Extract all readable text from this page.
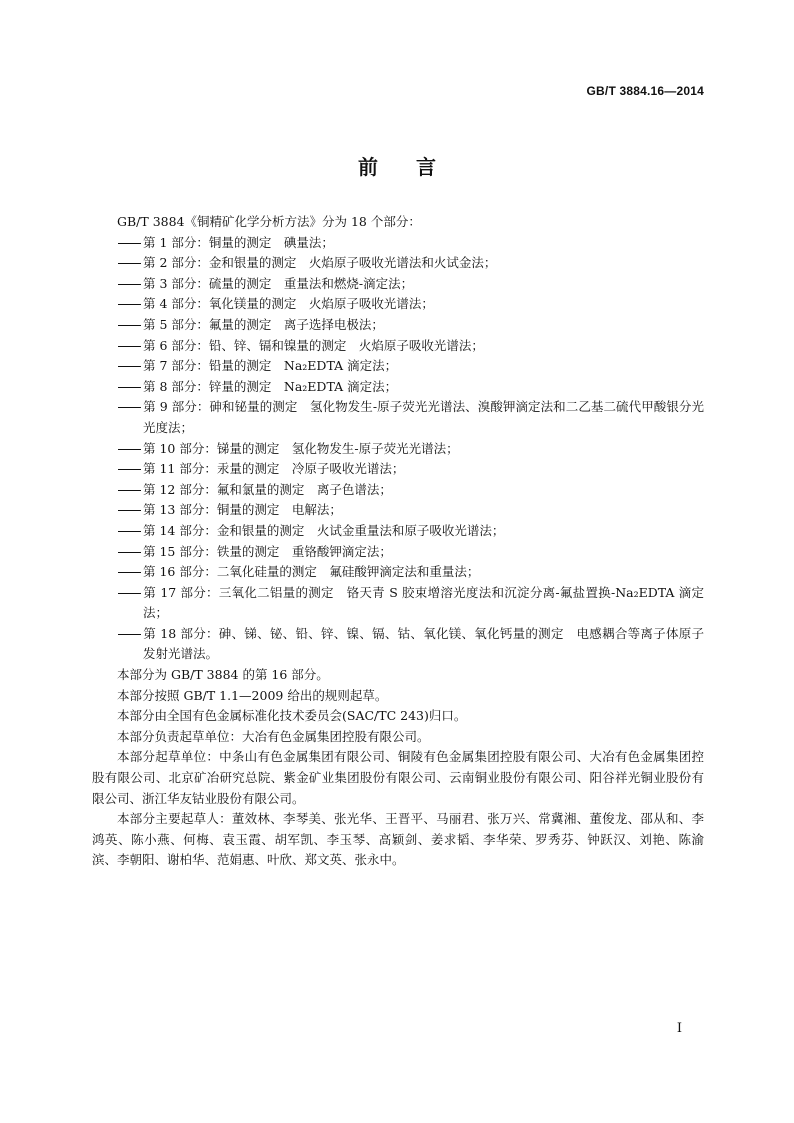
GB/T 3884.16—2014
前言

GB/T 3884《铜精矿化学分析方法》分为 18 个部分：

第 1 部分：铜量的测定　碘量法；
第 2 部分：金和银量的测定　火焰原子吸收光谱法和火试金法；
第 3 部分：硫量的测定　重量法和燃烧-滴定法；
第 4 部分：氧化镁量的测定　火焰原子吸收光谱法；
第 5 部分：氟量的测定　离子选择电极法；
第 6 部分：铅、锌、镉和镍量的测定　火焰原子吸收光谱法；
第 7 部分：铅量的测定　Na₂EDTA 滴定法；
第 8 部分：锌量的测定　Na₂EDTA 滴定法；
第 9 部分：砷和铋量的测定　氢化物发生-原子荧光光谱法、溴酸钾滴定法和二乙基二硫代甲酸银分光光度法；
第 10 部分：锑量的测定　氢化物发生-原子荧光光谱法；
第 11 部分：汞量的测定　冷原子吸收光谱法；
第 12 部分：氟和氯量的测定　离子色谱法；
第 13 部分：铜量的测定　电解法；
第 14 部分：金和银量的测定　火试金重量法和原子吸收光谱法；
第 15 部分：铁量的测定　重铬酸钾滴定法；
第 16 部分：二氧化硅量的测定　氟硅酸钾滴定法和重量法；
第 17 部分：三氧化二铝量的测定　铬天青 S 胶束增溶光度法和沉淀分离-氟盐置换-Na₂EDTA 滴定法；
第 18 部分：砷、锑、铋、铅、锌、镍、镉、钴、氧化镁、氧化钙量的测定　电感耦合等离子体原子发射光谱法。

本部分为 GB/T 3884 的第 16 部分。

本部分按照 GB/T 1.1—2009 给出的规则起草。

本部分由全国有色金属标准化技术委员会(SAC/TC 243)归口。

本部分负责起草单位：大冶有色金属集团控股有限公司。

本部分起草单位：中条山有色金属集团有限公司、铜陵有色金属集团控股有限公司、大冶有色金属集团控股有限公司、北京矿冶研究总院、紫金矿业集团股份有限公司、云南铜业股份有限公司、阳谷祥光铜业股份有限公司、浙江华友钴业股份有限公司。

本部分主要起草人：董效林、李琴美、张光华、王晋平、马丽君、张万兴、常冀湘、董俊龙、邵从和、李鸿英、陈小燕、何梅、袁玉霞、胡军凯、李玉琴、高颖剑、姜求韬、李华荣、罗秀芬、钟跃汉、刘艳、陈渝滨、李朝阳、谢柏华、范娟惠、叶欣、郑文英、张永中。

I
